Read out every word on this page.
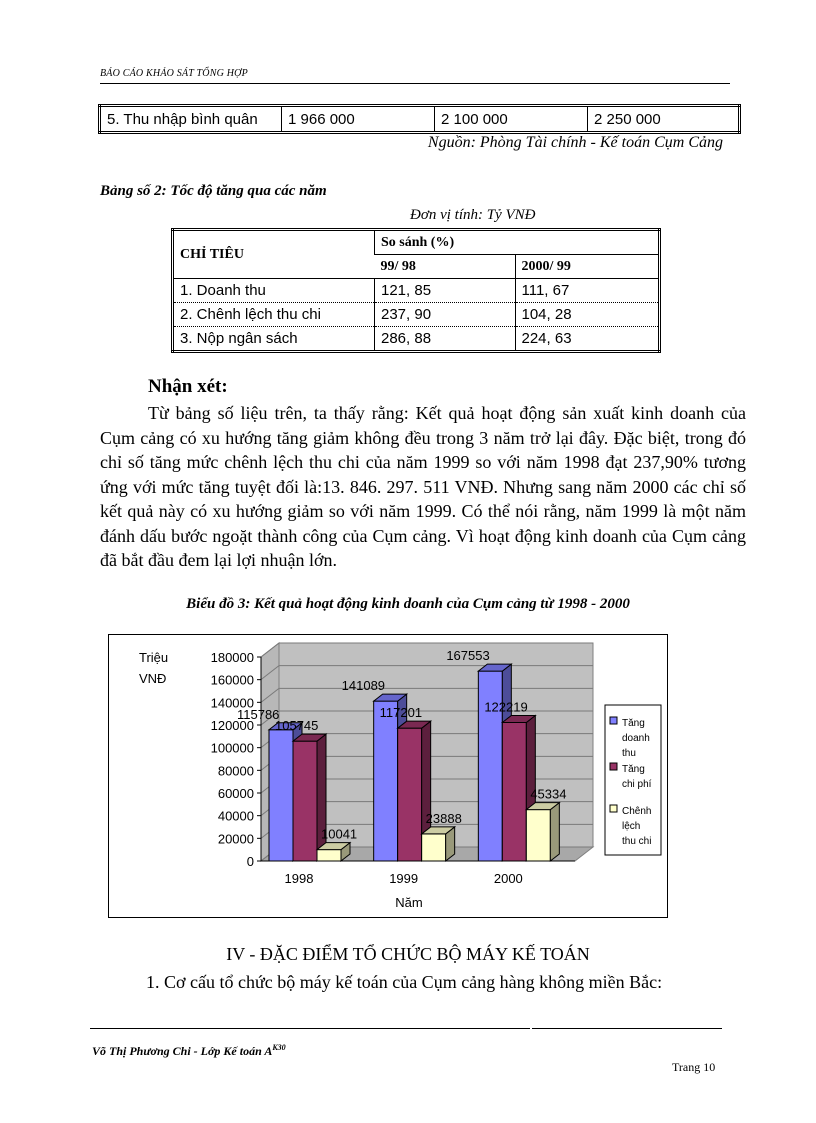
BÁO CÁO KHẢO SÁT TỔNG HỢP
5. Thu nhập bình quân	1 966 000	2 100 000	2 250 000
Nguồn: Phòng Tài chính - Kế toán Cụm Cảng
Bảng số 2: Tốc độ tăng qua các năm
Đơn vị tính: Tỷ VNĐ
CHỈ TIÊU	So sánh (%)	
	99/ 98	2000/ 99
1. Doanh thu	121, 85	111, 67
2. Chênh lệch thu chi	237, 90	104, 28
3. Nộp ngân sách	286, 88	224, 63
Nhận xét:
Từ bảng số liệu trên, ta thấy rằng: Kết quả hoạt động sản xuất kinh doanh của Cụm cảng có xu hướng tăng giảm không đều trong 3 năm trở lại đây. Đặc biệt, trong đó chỉ số tăng mức chênh lệch thu chi của năm 1999 so với năm 1998 đạt 237,90% tương ứng với mức tăng tuyệt đối là:13. 846. 297. 511 VNĐ. Nhưng sang năm 2000 các chỉ số kết quả này có xu hướng giảm so với năm 1999. Có thể nói rằng, năm 1999 là một năm đánh dấu bước ngoặt thành công của Cụm cảng. Vì hoạt động kinh doanh của Cụm cảng đã bắt đầu đem lại lợi nhuận lớn.
Biểu đồ 3: Kết quả hoạt động kinh doanh của Cụm cảng từ 1998 - 2000
0
20000
40000
60000
80000
100000
120000
140000
160000
180000
Triệu
VNĐ
115786
105745
10041
1998
141089
117201
23888
1999
167553
122219
45334
2000
Năm
Tăng
doanh
thu
Tăng
chi phí
Chênh
lệch
thu chi
IV - ĐẶC ĐIỂM TỔ CHỨC BỘ MÁY KẾ TOÁN
1. Cơ cấu tổ chức bộ máy kế toán của Cụm cảng hàng không miền Bắc:
Võ Thị Phương Chi - Lớp Kế toán $A^{K30}$
Trang 10
